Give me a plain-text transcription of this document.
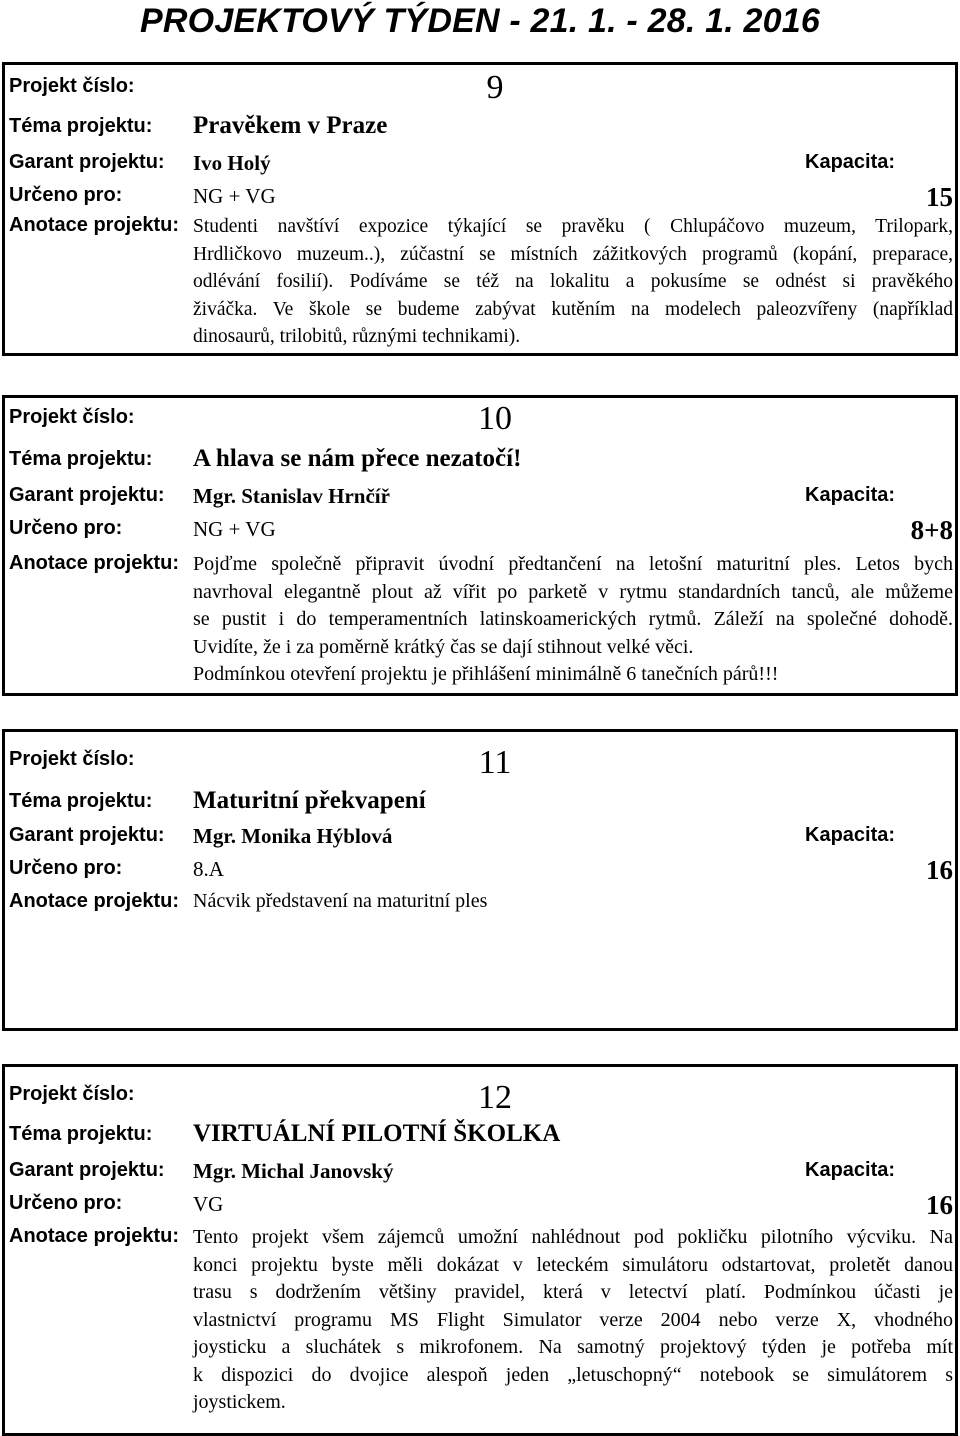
PROJEKTOVÝ TÝDEN - 21. 1. - 28. 1. 2016
Projekt číslo:	9
Téma projektu: Pravěkem v Praze
Garant projektu: Ivo Holý	Kapacita:
Určeno pro:	NG + VG	15
Anotace projektu: Studenti navštíví expozice týkající se pravěku ( Chlupáčovo muzeum, Trilopark,
Hrdličkovo muzeum..), zúčastní se místních zážitkových programů (kopání, preparace,
odlévání fosilií). Podíváme se též na lokalitu a pokusíme se odnést si pravěkého
živáčka. Ve škole se budeme zabývat kutěním na modelech paleozvířeny (například
dinosaurů, trilobitů, různými technikami).
Projekt číslo:	10
Téma projektu: A hlava se nám přece nezatočí!
Garant projektu: Mgr. Stanislav Hrnčíř	Kapacita:
Určeno pro:	NG + VG	8+8
Anotace projektu: Pojďme společně připravit úvodní předtančení na letošní maturitní ples. Letos bych
navrhoval elegantně plout až vířit po parketě v rytmu standardních tanců, ale můžeme
se pustit i do temperamentních latinskoamerických rytmů. Záleží na společné dohodě.
Uvidíte, že i za poměrně krátký čas se dají stihnout velké věci.
Podmínkou otevření projektu je přihlášení minimálně 6 tanečních párů!!!
Projekt číslo:	11
Téma projektu: Maturitní překvapení
Garant projektu: Mgr. Monika Hýblová	Kapacita:
Určeno pro:	8.A	16
Anotace projektu: Nácvik představení na maturitní ples
Projekt číslo:	12
Téma projektu: VIRTUÁLNÍ PILOTNÍ ŠKOLKA
Garant projektu: Mgr. Michal Janovský	Kapacita:
Určeno pro:	VG	16
Anotace projektu: Tento projekt všem zájemců umožní nahlédnout pod pokličku pilotního výcviku. Na
konci projektu byste měli dokázat v leteckém simulátoru odstartovat, proletět danou
trasu s dodržením většiny pravidel, která v letectví platí. Podmínkou účasti je
vlastnictví programu MS Flight Simulator verze 2004 nebo verze X, vhodného
joysticku a sluchátek s mikrofonem. Na samotný projektový týden je potřeba mít
k dispozici do dvojice alespoň jeden „letuschopný“ notebook se simulátorem s
joystickem.
